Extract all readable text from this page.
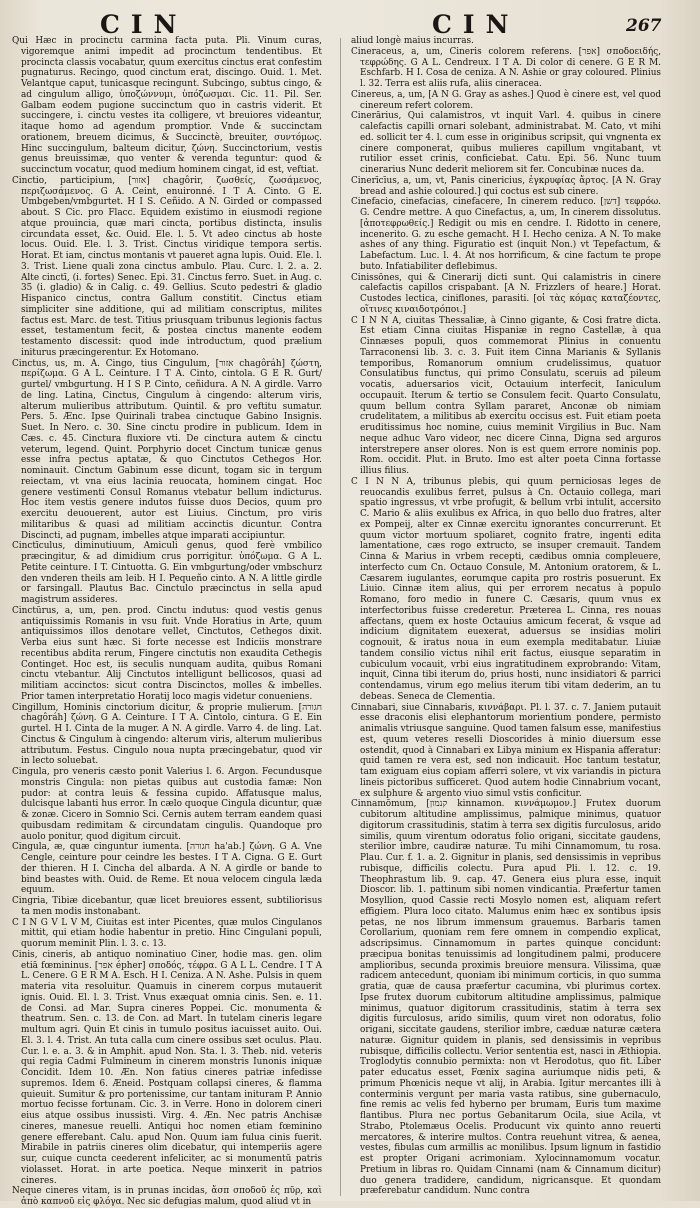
CIN	CIN	267

Qui Hæc in procinctu carmina facta puta. Pli. Vinum curas, vigoremque animi impedit ad procinctum tendentibus. Et procincta classis vocabatur, quum exercitus cinctus erat confestim pugnaturus. Recingo, quod cinctum erat, discingo. Ouid. 1. Met. Velantque caput, tunicasque recingunt. Subcingo, subtus cingo, & ad cingulum alligo, ὑποζώννυμι, ὑπόζωσμαι. Cic. 11. Pil. Ser. Galbam eodem pugione succinctum quo in castris viderit. Et succingere, i. cinctu vestes ita colligere, vt breuiores videantur, itaque homo ad agendum promptior. Vnde & succinctam orationem, breuem dicimus, & Succinctè, breuiter, συντόμως. Hinc succingulum, balteum dicitur, ζώνη. Succinctorium, vestis genus breuissimæ, quo venter & verenda teguntur: quod & succinctum vocatur, quod medium hominem cingat, id est, veftiat.

Cinctio, participium, [אזור] chagôrir, ζωσθείς, ζωσάμενος, περιζωσάμενος. G A. Ceint, enuironné. I T A. Cinto. G E. Umbgeben/vmbgurtet. H I S. Ceñido. A N. Girded or compassed about. S Cic. pro Flacc. Equidem existimo in eiusmodi regione atque prouincia, quæ mari cincta, portibus distincta, insulis circundata esset, &c. Ouid. Ele. l. 5. Vt adeo cinctus ab hoste locus. Ouid. Ele. l. 3. Trist. Cinctus viridique tempora sertis. Horat. Et iam, cinctus montanis vt paueret agna lupis. Ouid. Ele. l. 3. Trist. Liene quali zona cinctus ambulo. Plau. Curc. l. 2. a. 2. Alte cinctī, (i. fortes) Senec. Epi. 31. Cinctus ferro. Suet. in Aug. c. 35 (i. gladio) & in Calig. c. 49. Gellius. Scuto pedestri & gladio Hispanico cinctus, contra Gallum constitit. Cinctus etiam simpliciter sine additione, qui ad militiam conscriptus, milites factus est. Marc. de test. Titius priusquam tribunus legionis factus esset, testamentum fecit, & postea cinctus manente eodem testamento discessit: quod inde introductum, quod prælium initurus præcingerentur. Ex Hotomano.

Cinctus, us, m. A. Cingo, tius Cingulum, [אזור chagôráh] ζώστη, περίζωμα. G A L. Ceinture. I T A. Cinto, cintola. G E R. Gurt/ gurtel/ vmbgurtung. H I S P. Cinto, ceñidura. A N. A girdle. Varro de ling. Latina, Cinctus, Cingulum à cingendo: alterum viris, alterum mulieribus attributum. Quintil. & pro veftitu sumatur. Pers. 5. Ænc. Ipse Quirinali trabea cinctuque Gabino Insignis. Suet. In Nero. c. 30. Sine cinctu prodire in publicum. Idem in Cæs. c. 45. Cinctura fluxiore vti. De cinctura autem & cinctu veterum, legend. Quint. Porphyrio docet Cinctum tunicæ genus esse infra pectus aptatæ, & quo Cinctutos Cethegos Hor. nominauit. Cinctum Gabinum esse dicunt, togam sic in tergum reiectam, vt vna eius lacinia reuocata, hominem cingat. Hoc genere vestimenti Consul Romanus vtebatur bellum indicturus. Hoc item vestis genere indutos fuisse duos Decios, quum pro exercitu deuouerent, autor est Liuius. Cinctum, pro viris militaribus & quasi ad militiam accinctis dicuntur. Contra Discincti, ad pugnam, imbelles atque imparati accipiuntur.

Cinctīculus, diminutiuum, Amiculi genus, quod ferè vmbilico præcingitur, & ad dimidium crus porrigitur. ὑπόζωμα. G A L. Petite ceinture. I T. Cintuotta. G. Ein vmbgurtung/oder vmbschurz den vnderen theils am leib. H I. Pequeño cinto. A N. A little girdle or farsingall. Plautus Bac. Cinctulo præcinctus in sella apud magistrum assideres.

Cinctūrus, a, um, pen. prod. Cinctu indutus: quod vestis genus antiquissimis Romanis in vsu fuit. Vnde Horatius in Arte, quum antiquissimos illos denotare vellet, Cinctutos, Cethegos dixit. Verba eius sunt hæc. Si forte necesse est Indiciis monstrare recentibus abdita rerum, Fingere cinctutis non exaudita Cethegis Continget. Hoc est, iis seculis nunquam audita, quibus Romani cinctu vtebantur. Alij Cinctutos intelligunt bellicosos, quasi ad militiam accinctos: sicut contra Discinctos, molles & imbelles. Prior tamen interpretatio Horatij loco magis videtur conueniens.

Cingillum, Hominis cinctorium dicitur, & proprie mulierum. [חגורה chagôráh] ζώνη. G A. Ceinture. I T A. Cintolo, cintura. G E. Ein gurtel. H I. Cinta de la muger. A N. A girdle. Varro 4. de ling. Lat. Cinctus & Cingulum à cingendo: alterum viris, alterum mulieribus attributum. Festus. Cingulo noua nupta præcingebatur, quod vir in lecto soluebat.

Cingula, pro veneris cæsto ponit Valerius l. 6. Argon. Fecundusque monstris Cingula: non pietas quibus aut custodia famæ: Non pudor: at contra leuis & fessina cupido. Affatusque malus, dulcisque labanti hus error. In cælo quoque Cingula dicuntur, quæ & zonæ. Cicero in Somnio Sci. Cernis autem terram eandem quasi quibusdam redimitam & circundatam cingulis. Quandoque pro auolo ponitur, quod digitum circuit.

Cingula, æ, quæ cinguntur iumenta. [חגורה ha'ab.] ζώνη. G A. Vne Cengle, ceinture pour ceindre les bestes. I T A. Cigna. G E. Gurt der thieren. H I. Cincha del albarda. A N. A girdle or bande to bind beastes with. Ouid. de Reme. Et noua velocem cingula læda equum.

Cingria, Tibiæ dicebantur, quæ licet breuiores essent, subtiliorisus ta men modis instonabant.

C I N G V L V M, Ciuitas est inter Picentes, quæ mulos Cingulanos mittit, qui etiam hodie habentur in pretio. Hinc Cingulani populi, quorum meminit Plin. l. 3. c. 13.

Cinis, cineris, ab antiquo nominatiuo Ciner, hodie mas. gen. olim etiā fœmininus. [אפר épher] σποδός, τέφρα. G A L L. Cendre. I T A L. Cenere. G E R M A. Esch. H I. Ceniza. A N. Ashe. Pulsis in quem materia vita resoluitur. Quamuis in cinerem corpus mutauerit ignis. Ouid. El. l. 3. Trist. Vnus exæquat omnia cinis. Sen. e. 11. de Consi. ad Mar. Supra cineres Poppei. Cic. monumenta & theatrum. Sen. c. 13. de Con. ad Mart. In tutelam cineris legare multum agri. Quin Et cinis in tumulo positus iacuisset auito. Oui. El. 3. l. 4. Trist. An tuta calla cum cinere ossibus sæt oculus. Plau. Cur. l. e. a. 3. & in Amphit. apud Non. Sta. l. 3. Theb. nid. veteris qui regia Cadmi Fulmineum in cinerem monstris Iunonis iniquæ Concidit. Idem 10. Æn. Non fatius cineres patriæ infedisse supremos. Idem 6. Æneid. Postquam collapsi cineres, & flamma quieuit. Sumitur & pro portenissime, cur tantam inituram P. Annio mortuo fecisse fortunam. Cic. 3. in Verre. Hono in dolorem cineri eius atque ossibus inussisti. Virg. 4. Æn. Nec patris Anchisæ cineres, manesue reuelli. Antiqui hoc nomen etiam fœminino genere efferebant. Calu. apud Non. Quum iam fulua cinis fuerit. Mirabile in patriis cineres olim dicebatur, qui intemperiis agere sur, cuique cuncta ceederent infeliciter, ac si monumentū patris violasset. Horat. in arte poetica. Neque minxerit in patrios cineres.

Neque cineres vitam, is in prunas incidas, ἄσπ σποδοῦ ἐς πῦρ, καὶ ἀπὸ καπνοῦ εἰς φλόγα. Nec sic defugias malum, quod aliud vt in

aliud longè maius incurras.

Cineraceus, a, um, Cineris colorem referens. [אפר] σποδοειδής, τεφρώδης. G A L. Cendreux. I T A. Di color di cenere. G E R M. Eschfarb. H I. Cosa de ceniza. A N. Ashie or gray coloured. Plinius l. 32. Terra est aliis rufa, aliis cineracea.

Cinereus, a, um, [A N G. Gray as ashes.] Quod è cinere est, vel quod cinereum refert colorem.

Cinerārius, Qui calamistros, vt inquit Varl. 4. quibus in cinere calefactis capilli ornari solebant, administrabat. M. Cato, vt mihi ed. sollicit ter 4. l. cum esse in originibus scripsit, qui vngnenta ex cinere componerat, quibus mulieres capillum vngitabant, vt rutilior esset crinis, conficiebat. Catu. Epi. 56. Nunc tuum cinerarius Nunc dederit meliorem sit fer. Concubinæ nuces da.

Cinerīcīus, a, um, vt, Panis cinericius, ἐγκρυφίας ἄρτος. [A N. Gray bread and ashie coloured.] qui coctus est sub cinere.

Cinefacio, cinefacias, cinefacere, In cinerem reduco. [דשן] τεφρόω. G. Cendre mettre. A quo Cinefactus, a, um, In cinerem dissolutus. [ἀποτεφρωθείς.] Redigit ou mis en cendre. I. Ridotto in cenere, incenerito. G. zu esche gemacht. H I. Hecho ceniza. A N. To make ashes of any thing. Figuratio est (inquit Non.) vt Tepefactum, & Labefactum. Luc. l. 4. At nos horrificum, & cine factum te prope buto. Infatiabiliter deflebimus.

Cinissōnes, qui & Cinerarij dicti sunt. Qui calamistris in cinere calefactis capillos crispabant. [A N. Frizzlers of heare.] Horat. Custodes lectica, ciniflones, parasiti. [οἱ τὰς κόμας καταζέοντες, οἵτινες κιναιδοτρόποι.]

C I N N A, ciuitas Thessaliæ, à Cinno gigante, & Cosi fratre dicta. Est etiam Cinna ciuitas Hispaniæ in regno Castellæ, à qua Cinnæses populi, quos commemorat Plinius in conuentu Tarraconensi lib. 3. c. 3. Fuit item Cinna Marianis & Syllanis temporibus, Romanorum omnium crudelissimus, quatuor Consulatibus functus, qui primo Consulatu, sceruis ad pileum vocatis, aduersarios vicit, Octauium interfecit, Ianiculum occupauit. Iterum & tertio se Consulem fecit. Quarto Consulatu, quum bellum contra Syllam pararet, Anconæ ob nimiam crudelitatem, a militibus ab exercitu occisus est. Fuit etiam poeta eruditissimus hoc nomine, cuius meminit Virgilius in Buc. Nam neque adhuc Varo videor, nec dicere Cinna, Digna sed arguros interstrepere anser olores. Non is est quem errore nominis pop. Rom. occidit. Plut. in Bruto. Imo est alter poeta Cinna fortasse illius filius.

C I N N A, tribunus plebis, qui quum perniciosas leges de reuocandis exulibus ferret, pulsus à Cn. Octauio collega, mari spatio ingressus, vt vrbe profugit, & bellum vrbi intulit, accersito C. Mario & aliis exulibus ex Africa, in quo bello duo fratres, alter ex Pompeij, alter ex Cinnæ exercitu ignorantes concurrerunt. Et quum victor mortuum spoliaret, cognito fratre, ingenti edita lamentatione, cæs rogo extructo, se insuper cremauit. Tandem Cinna & Marius in vrbem recepti, cædibus omnia compleuere, interfecto cum Cn. Octauo Consule, M. Antonium oratorem, & L. Cæsarem iugulantes, eorumque capita pro rostris posuerunt. Ex Liuio. Cinnæ item alius, qui per errorem necatus à populo Romano, foro medio in funere C. Cæsaris, quum vnus ex interfectoribus fuisse crederetur. Præterea L. Cinna, res nouas affectans, quem ex hoste Octauius amicum fecerat, & vsque ad indicium dignitatem euexerat, aduersus se insidias moliri cognouit, & iratus noua in eum exempla meditabatur. Liuiæ tandem consilio victus nihil erit factus, eiusque separatim in cubiculum vocauit, vrbi eius ingratitudinem exprobrando: Vitam, inquit, Cinna tibi iterum do, prius hosti, nunc insidiatori & parrici contendamus, virum ego melius iterum tibi vitam dederim, an tu debeas. Seneca de Clementia.

Cinnabari, siue Cinnabaris, κιννάβαρι. Pl. l. 37. c. 7. Janiem putauit esse draconis elisi elephantorum morientium pondere, permisto animalis vtriusque sanguine. Quod tamen falsum esse, manifestius est, quum veteres reselli Dioscorides à minio diuersum esse ostendit, quod à Cinnabari ex Libya minium ex Hispania afferatur: quid tamen re vera est, sed non indicauit. Hoc tantum testatur, tam exiguam eius copiam afferri solere, vt vix variandis in pictura lineis pictoribus sufficeret. Quod autem hodie Cinnabrium vocant, ex sulphure & argento viuo simul vstis conficitur.

Cinnamōmum, [קנמון kinnamon. κιννάμωμον.] Frutex duorum cubitorum altitudine amplissimus, palmique minimus, quatuor digitorum crassitudinis, statim à terra sex digitis furculosus, arido similis, quum virentum odoratus folio origani, siccitate gaudens, sterilior imbre, caudiræ naturæ. Tu mihi Cinnamomum, tu rosa. Plau. Cur. f. 1. a. 2. Gignitur in planis, sed densissimis in vepribus rubisque, difficilis colectu. Pura apud Pli. l. 12. c. 19. Theophrastum lib. 9. cap. 47. Genera eius plura esse, inquit Dioscor. lib. 1. pattinum sibi nomen vindicantia. Præfertur tamen Mosyllion, quod Cassie recti Mosylo nomen est, aliquam refert effigiem. Plura loco citato. Malumus enim hæc ex sontibus ipsis petas, ne nos librum immensum grauemus. Barbaris tamen Corollarium, quoniam rem fere omnem in compendio explicat, adscripsimus. Cinnamomum in partes quinque concidunt: præcipua bonitas tenuissimis ad longitudinem palmi, producere amplioribus, secunda proximis breuiore mensura. Vilissima, quæ radicem antecedunt, quoniam ibi minimum corticis, in quo summa gratia, quæ de causa præfertur cacumina, vbi plurimus cortex. Ipse frutex duorum cubitorum altitudine amplissimus, palmique minimus, quatuor digitorum crassitudinis, statim à terra sex digitis furculosus, arido similis, quum viret non odoratus, folio origani, siccitate gaudens, sterilior imbre, cæduæ naturæ cætera naturæ. Gignitur quidem in planis, sed densissimis in vepribus rubisque, difficilis collectu. Verior sententia est, nasci in Æthiopia. Troglodytis connubio permixta: non vt Herodotus, quo fit. Liber pater educatus esset, Fœnix sagina auriumque nidis peti, & primum Phœnicis neque vt alij, in Arabia. Igitur mercantes illi à conterminis vergunt per maria vasta ratibus, sine gubernaculo, fine remis ac velis fed hyberno per brumam, Euris tum maxime flantibus. Plura nec portus Gebanitarum Ocila, siue Acila, vt Strabo, Ptolemæus Ocelis. Producunt vix quinto anno reuerti mercatores, & interire multos. Contra reuehunt vitrea, & aenea, vestes, fibulas cum armillis ac monilibus. Ipsum lignum in fastidio est propter Origani acrimoniam. Xylocinnamomum vocatur. Pretium in libras ro. Quidam Cinnami (nam & Cinnamum dicitur) duo genera tradidere, candidum, nigricansque. Et quondam præferebatur candidum. Nunc contra
